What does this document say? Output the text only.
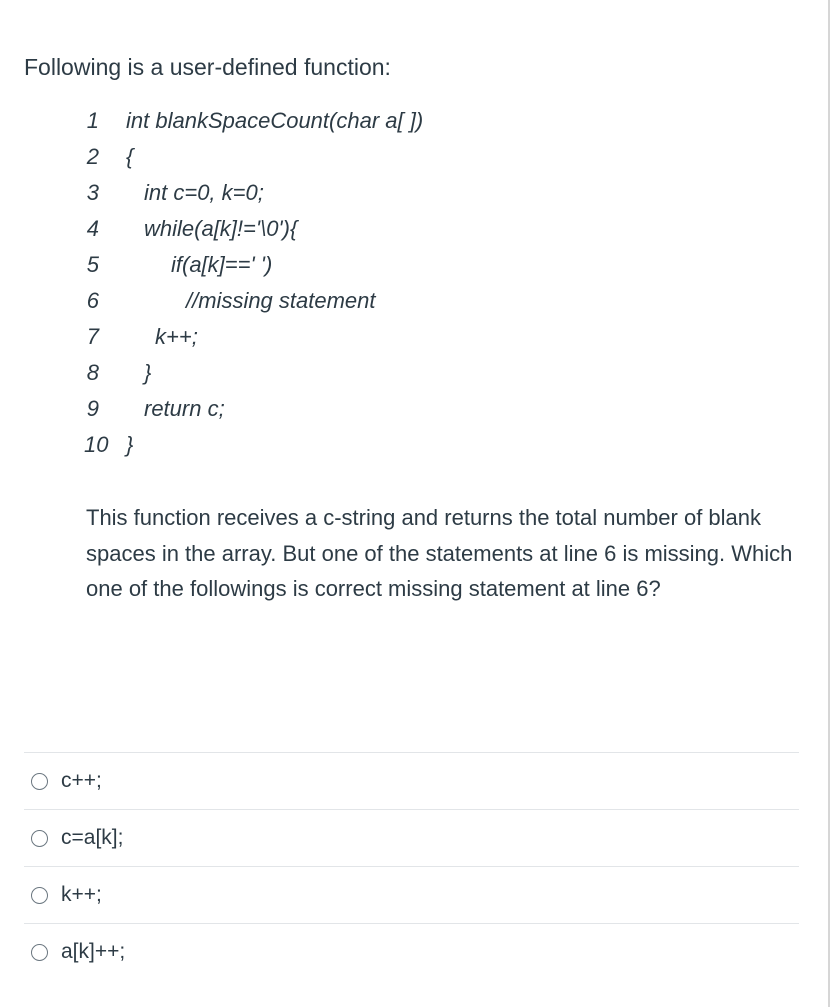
Following is a user-defined function:
1 int blankSpaceCount(char a[ ])
2 {
3 int c=0, k=0;
4 while(a[k]!='\0'){
5	if(a[k]==' ')
6	//missing statement
7	k++;
8 }
9 return c;
10 }
This function receives a c-string and returns the total number of blank spaces in the array. But one of the statements at line 6 is missing. Which one of the followings is correct missing statement at line 6?
c++;
c=a[k];
k++;
a[k]++;
